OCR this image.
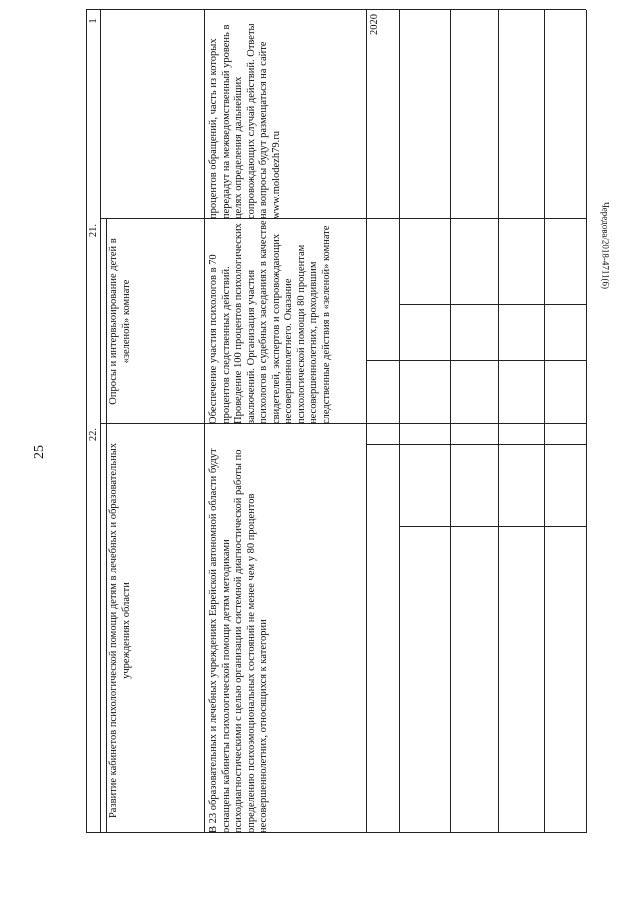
25
Чередова/2018-4711(6)
1
процентов обращений, часть из которых передадут на межведомственный уровень в целях определения дальнейших сопровождающих случай действий. Ответы на вопросы будут размещаться на сайте www.molodezh79.ru
2020
21.
Опросы и интервьюирование детей в «зеленой» комнате	Обеспечение участия психологов в 70 процентов следственных действий. Проведение 100 процентов психологических заключений. Организация участия психологов в судебных заседаниях в качестве свидетелей, экспертов и сопровождающих несовершеннолетнего. Оказание психологической помощи 80 процентам несовершеннолетних, проходившим следственные действия в «зеленой» комнате
22.
Развитие кабинетов психологической помощи детям в лечебных и образовательных учреждениях области	В 23 образовательных и лечебных учреждениях Еврейской автономной области будут оснащены кабинеты психологической помощи детям методиками психодиагностическими с целью организации системной диагностической работы по определению психоэмоциональных состояний не менее чем у 80 процентов несовершеннолетних, относящихся к категории
